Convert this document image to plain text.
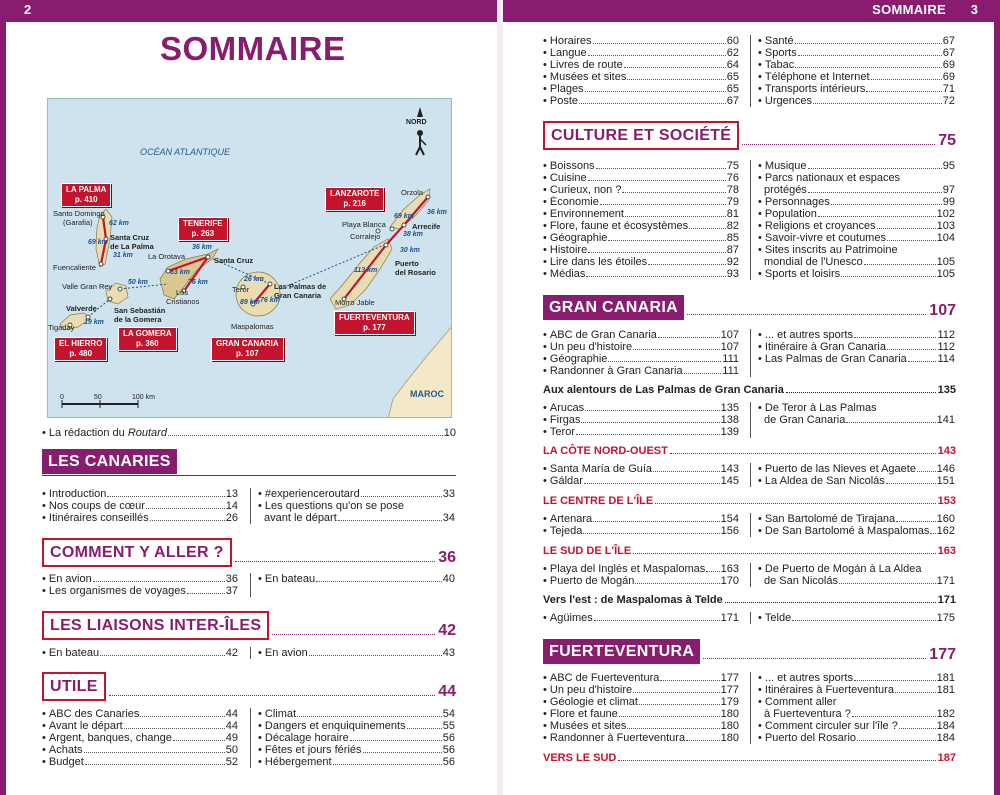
2	SOMMAIRE 3
SOMMAIRE
OCÉAN ATLANTIQUE
MAROC
NORD
0	50	100 km
LA PALMA
p. 410
TENERIFE
p. 263
LANZAROTE
p. 216
LA GOMERA
p. 360
EL HIERRO
p. 480
GRAN CANARIA
p. 107
FUERTEVENTURA
p. 177
Santo Domingo
(Garafia)
Santa Cruz
de La Palma
Fuencaliente
Valle Gran Rey
Valverde
Tigaday
San Sebastián
de la Gomera
La Orotava	Santa Cruz
Los
Cristianos
Teror	Las Palmas de
Gran Canaria
Maspalomas
Playa Blanca
Orzola
Arrecife
Corralejo
Puerto
del Rosario
Morro Jable
62 km
31 km
69 km
36 km
50 km
19 km
83 km
76 km	26 km
89 km 76 km
113 km
30 km
38 km
36 km
69 km
• La rédaction du Routard	10
LES CANARIES
• Introduction	13
• Nos coups de cœur	14
• Itinéraires conseillés	26
• #experienceroutard	33
• Les questions qu'on se pose
avant le départ	34
COMMENT Y ALLER ?	36
• En avion	36
• Les organismes de voyages	37
• En bateau	40
LES LIAISONS INTER-ÎLES	42
• En bateau	42 • En avion	43
UTILE	44
• ABC des Canaries	44
• Avant le départ	44
• Argent, banques, change	49
• Achats	50
• Budget	52
• Climat	54
• Dangers et enquiquinements	55
• Décalage horaire	56
• Fêtes et jours fériés	56
• Hébergement	56
• Horaires	60
• Langue	62
• Livres de route	64
• Musées et sites	65
• Plages	65
• Poste	67
• Santé	67
• Sports	67
• Tabac	69
• Téléphone et Internet	69
• Transports intérieurs	71
• Urgences	72
CULTURE ET SOCIÉTÉ	75
• Boissons	75
• Cuisine	76
• Curieux, non ?	78
• Économie	79
• Environnement	81
• Flore, faune et écosystèmes	82
• Géographie	85
• Histoire	87
• Lire dans les étoiles	92
• Médias	93
• Musique	95
• Parcs nationaux et espaces
protégés	97
• Personnages	99
• Population	102
• Religions et croyances	103
• Savoir-vivre et coutumes	104
• Sites inscrits au Patrimoine
mondial de l'Unesco	105
• Sports et loisirs	105
GRAN CANARIA	107
• ABC de Gran Canaria	107
• Un peu d'histoire	107
• Géographie	111
• Randonner à Gran Canaria	111
• ... et autres sports	112
• Itinéraire à Gran Canaria	112
• Las Palmas de Gran Canaria	114
Aux alentours de Las Palmas de Gran Canaria	135
• Arucas	135
• Firgas	138
• Teror	139
• De Teror à Las Palmas
de Gran Canaria	141
LA CÔTE NORD-OUEST	143
• Santa María de Guía	143
• Gáldar	145
• Puerto de las Nieves et Agaete 146
• La Aldea de San Nicolás	151
LE CENTRE DE L'ÎLE	153
• Artenara	154
• Tejeda	156
• San Bartolomé de Tirajana	160
• De San Bartolomé à Maspalomas 162
LE SUD DE L'ÎLE	163
• Playa del Inglés et Maspalomas 163
• Puerto de Mogán	170
• De Puerto de Mogán à La Aldea
de San Nicolás	171
Vers l'est : de Maspalomas à Telde	171
• Agüimes	171 • Telde	175
FUERTEVENTURA	177
• ABC de Fuerteventura	177
• Un peu d'histoire	177
• Géologie et climat	179
• Flore et faune	180
• Musées et sites	180
• Randonner à Fuerteventura	180
• ... et autres sports	181
• Itinéraires à Fuerteventura	181
• Comment aller
à Fuerteventura ?	182
• Comment circuler sur l'île ?	184
• Puerto del Rosario	184
VERS LE SUD	187
